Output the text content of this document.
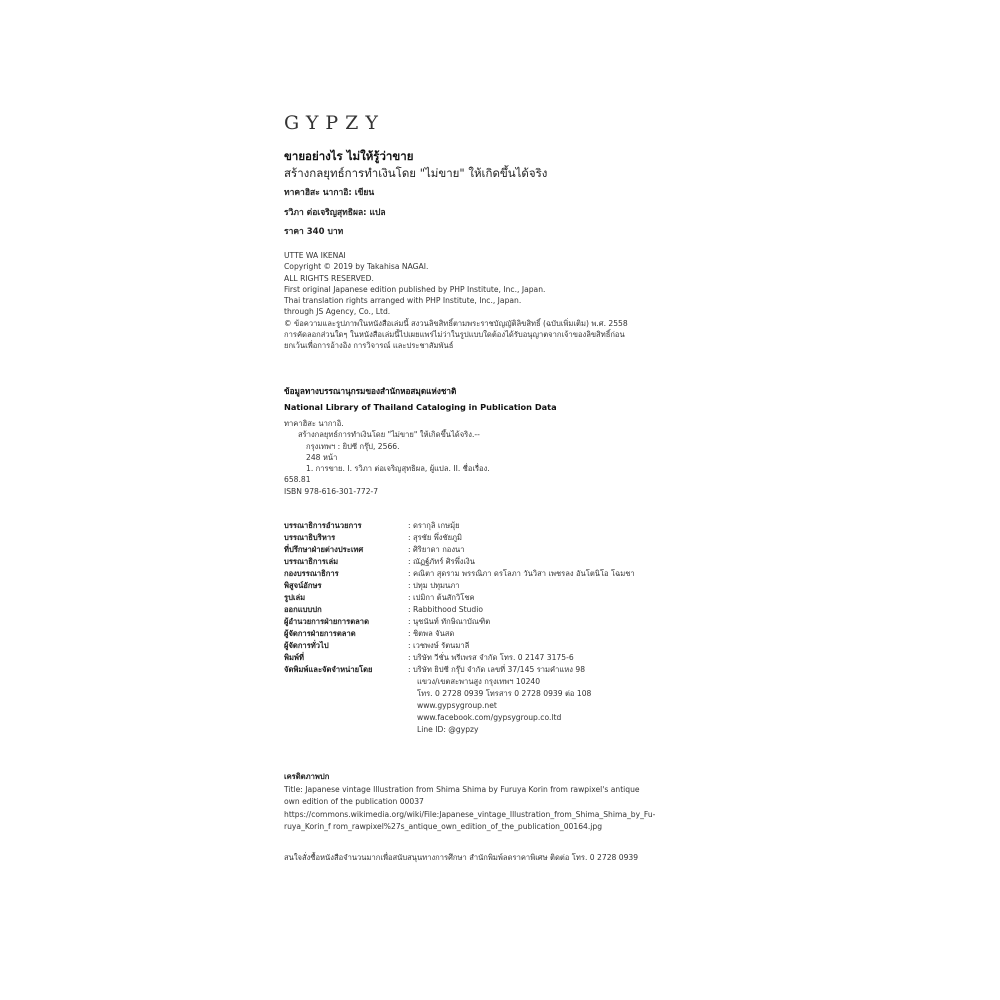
GYPZY
ขายอย่างไร ไม่ให้รู้ว่าขาย
สร้างกลยุทธ์การทำเงินโดย "ไม่ขาย" ให้เกิดขึ้นได้จริง
ทาคาฮิสะ นากาอิ: เขียน
รวิภา ต่อเจริญสุทธิผล: แปล
ราคา 340 บาท
UTTE WA IKENAI
Copyright © 2019 by Takahisa NAGAI.
ALL RIGHTS RESERVED.
First original Japanese edition published by PHP Institute, Inc., Japan.
Thai translation rights arranged with PHP Institute, Inc., Japan.
through JS Agency, Co., Ltd.
© ข้อความและรูปภาพในหนังสือเล่มนี้ สงวนลิขสิทธิ์ตามพระราชบัญญัติลิขสิทธิ์ (ฉบับเพิ่มเติม) พ.ศ. 2558
การคัดลอกส่วนใดๆ ในหนังสือเล่มนี้ไปเผยแพร่ไม่ว่าในรูปแบบใดต้องได้รับอนุญาตจากเจ้าของลิขสิทธิ์ก่อน
ยกเว้นเพื่อการอ้างอิง การวิจารณ์ และประชาสัมพันธ์
ข้อมูลทางบรรณานุกรมของสำนักหอสมุดแห่งชาติ
National Library of Thailand Cataloging in Publication Data
ทาคาฮิสะ นากาอิ.
สร้างกลยุทธ์การทำเงินโดย "ไม่ขาย" ให้เกิดขึ้นได้จริง.--
กรุงเทพฯ : ยิปซี กรุ๊ป, 2566.
248 หน้า
1. การขาย. I. รวิภา ต่อเจริญสุทธิผล, ผู้แปล. II. ชื่อเรื่อง.
658.81
ISBN 978-616-301-772-7
บรรณาธิการอำนวยการ	: ดรากุลิ เกษมุ้ย
บรรณาธิบริหาร	: สุรชัย พึ่งชัยภูมิ
ที่ปรึกษาฝ่ายต่างประเทศ	: ศิริยาดา กองนา
บรรณาธิการเล่ม	: ณัฏฐ์ภัทร์ ศิรพึ่งเงิน
กองบรรณาธิการ	: คณิตา สุดราม พรรณิภา ดรโลภา วันวิสา เพชรลง อันโตนิโอ โฉมชา
พิสูจน์อักษร	: ปทุม ปทุมนภา
รูปเล่ม	: เปมิกา ต้นสักวิโชค
ออกแบบปก	: Rabbithood Studio
ผู้อำนวยการฝ่ายการตลาด	: นุชนันท์ ทักษิณาบัณฑิต
ผู้จัดการฝ่ายการตลาด	: ชิตพล จันสด
ผู้จัดการทั่วไป	: เวชพงษ์ รัตนมาลี
พิมพ์ที่	: บริษัท วีชั่น พรีเพรส จำกัด โทร. 0 2147 3175-6
จัดพิมพ์และจัดจำหน่ายโดย	: บริษัท ยิปซี กรุ๊ป จำกัด เลขที่ 37/145 รามคำแหง 98
แขวง/เขตสะพานสูง กรุงเทพฯ 10240
โทร. 0 2728 0939 โทรสาร 0 2728 0939 ต่อ 108
www.gypsygroup.net
www.facebook.com/gypsygroup.co.ltd
Line ID: @gypzy
เครดิตภาพปก
Title: Japanese vintage Illustration from Shima Shima by Furuya Korin from rawpixel's antique
own edition of the publication 00037
https://commons.wikimedia.org/wiki/File:Japanese_vintage_Illustration_from_Shima_Shima_by_Fu-
ruya_Korin_f rom_rawpixel%27s_antique_own_edition_of_the_publication_00164.jpg
สนใจสั่งซื้อหนังสือจำนวนมากเพื่อสนับสนุนทางการศึกษา สำนักพิมพ์ลดราคาพิเศษ ติดต่อ โทร. 0 2728 0939
